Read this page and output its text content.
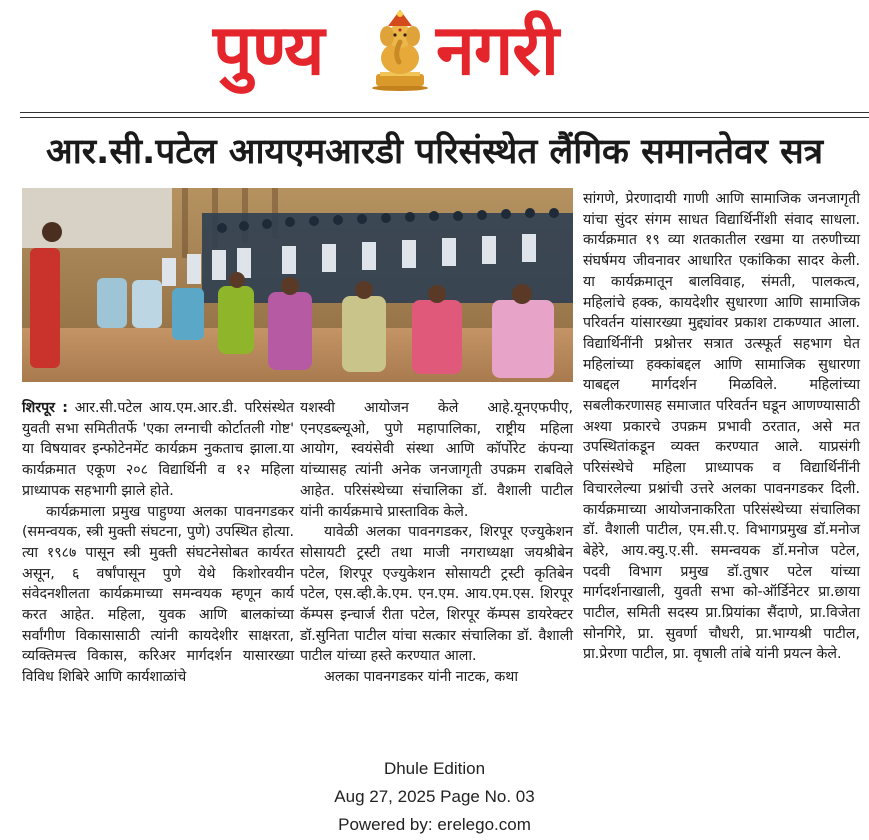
पुण्य नगरी
आर.सी.पटेल आयएमआरडी परिसंस्थेत लैंगिक समानतेवर सत्र

शिरपूर : आर.सी.पटेल आय.एम.आर.डी. परिसंस्थेत युवती सभा समितीतर्फे 'एका लग्नाची कोर्टातली गोष्ट' या विषयावर इन्फोटेनमेंट कार्यक्रम नुकताच झाला.या कार्यक्रमात एकूण २०८ विद्यार्थिनी व १२ महिला प्राध्यापक सहभागी झाले होते.

कार्यक्रमाला प्रमुख पाहुण्या अलका पावनगडकर (समन्वयक, स्त्री मुक्ती संघटना, पुणे) उपस्थित होत्या. त्या १९८७ पासून स्त्री मुक्ती संघटनेसोबत कार्यरत असून, ६ वर्षांपासून पुणे येथे किशोरवयीन संवेदनशीलता कार्यक्रमाच्या समन्वयक म्हणून कार्य करत आहेत. महिला, युवक आणि बालकांच्या सर्वांगीण विकासासाठी त्यांनी कायदेशीर साक्षरता, व्यक्तिमत्त्व विकास, करिअर मार्गदर्शन यासारख्या विविध शिबिरे आणि कार्यशाळांचे

यशस्वी आयोजन केले आहे.यूनएफपीए, एनएडब्ल्यूओ, पुणे महापालिका, राष्ट्रीय महिला आयोग, स्वयंसेवी संस्था आणि कॉर्पोरेट कंपन्या यांच्यासह त्यांनी अनेक जनजागृती उपक्रम राबविले आहेत. परिसंस्थेच्या संचालिका डॉ. वैशाली पाटील यांनी कार्यक्रमाचे प्रास्ताविक केले.

यावेळी अलका पावनगडकर, शिरपूर एज्युकेशन सोसायटी ट्रस्टी तथा माजी नगराध्यक्षा जयश्रीबेन पटेल, शिरपूर एज्युकेशन सोसायटी ट्रस्टी कृतिबेन पटेल, एस.व्ही.के.एम. एन.एम. आय.एम.एस. शिरपूर कॅम्पस इन्चार्ज रीता पटेल, शिरपूर कॅम्पस डायरेक्टर डॉ.सुनिता पाटील यांचा सत्कार संचालिका डॉ. वैशाली पाटील यांच्या हस्ते करण्यात आला.

अलका पावनगडकर यांनी नाटक, कथा

सांगणे, प्रेरणादायी गाणी आणि सामाजिक जनजागृती यांचा सुंदर संगम साधत विद्यार्थिनींशी संवाद साधला. कार्यक्रमात १९ व्या शतकातील रखमा या तरुणीच्या संघर्षमय जीवनावर आधारित एकांकिका सादर केली. या कार्यक्रमातून बालविवाह, संमती, पालकत्व, महिलांचे हक्क, कायदेशीर सुधारणा आणि सामाजिक परिवर्तन यांसारख्या मुद्द्यांवर प्रकाश टाकण्यात आला. विद्यार्थिनींनी प्रश्नोत्तर सत्रात उत्स्फूर्त सहभाग घेत महिलांच्या हक्कांबद्दल आणि सामाजिक सुधारणा याबद्दल मार्गदर्शन मिळविले. महिलांच्या सबलीकरणासह समाजात परिवर्तन घडून आणण्यासाठी अश्या प्रकारचे उपक्रम प्रभावी ठरतात, असे मत उपस्थितांकडून व्यक्त करण्यात आले. याप्रसंगी परिसंस्थेचे महिला प्राध्यापक व विद्यार्थिनींनी विचारलेल्या प्रश्नांची उत्तरे अलका पावनगडकर दिली. कार्यक्रमाच्या आयोजनाकरिता परिसंस्थेच्या संचालिका डॉ. वैशाली पाटील, एम.सी.ए. विभागप्रमुख डॉ.मनोज बेहेरे, आय.क्यु.ए.सी. समन्वयक डॉ.मनोज पटेल, पदवी विभाग प्रमुख डॉ.तुषार पटेल यांच्या मार्गदर्शनाखाली, युवती सभा को-ऑर्डिनेटर प्रा.छाया पाटील, समिती सदस्य प्रा.प्रियांका सैंदाणे, प्रा.विजेता सोनगिरे, प्रा. सुवर्णा चौधरी, प्रा.भाग्यश्री पाटील, प्रा.प्रेरणा पाटील, प्रा. वृषाली तांबे यांनी प्रयत्न केले.

Dhule Edition
Aug 27, 2025 Page No. 03
Powered by: erelego.com
